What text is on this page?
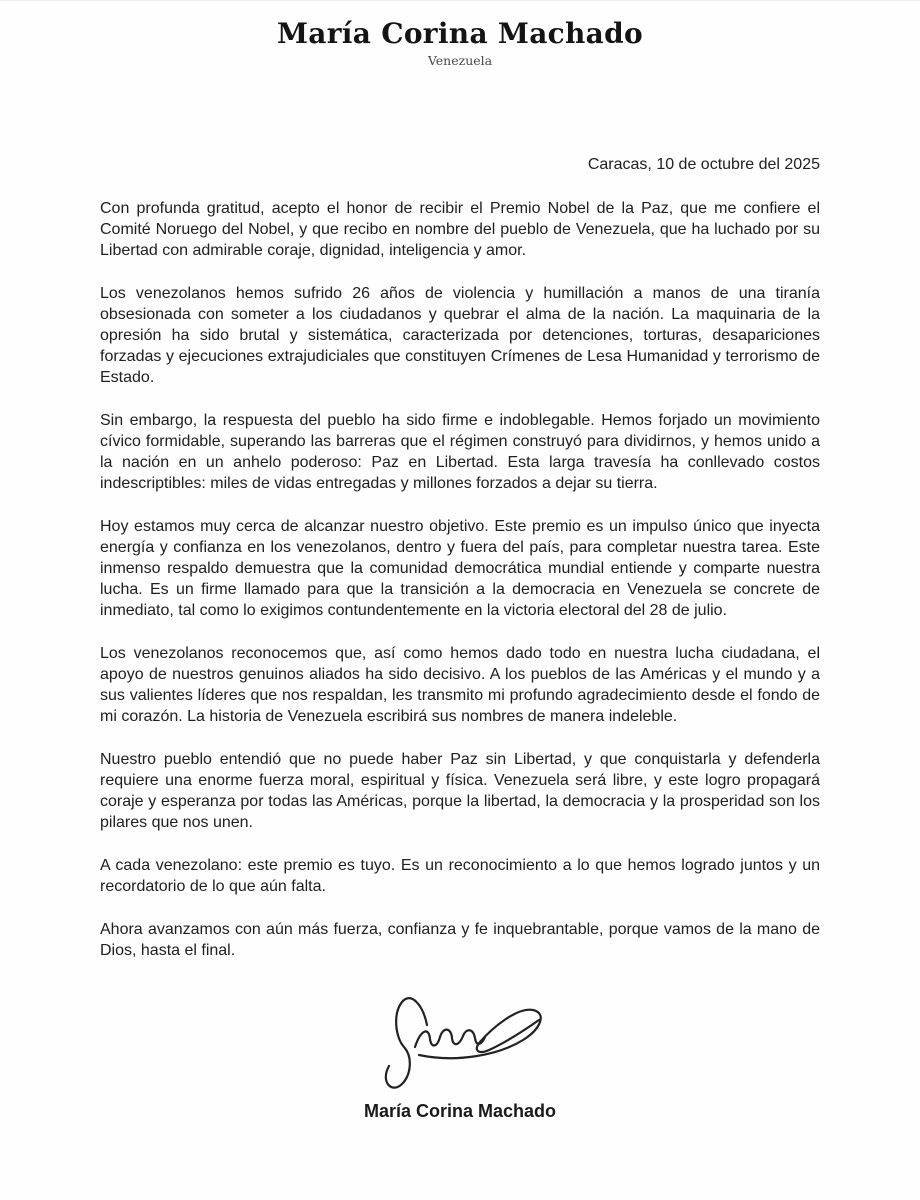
María Corina Machado
Venezuela
Caracas, 10 de octubre del 2025

Con profunda gratitud, acepto el honor de recibir el Premio Nobel de la Paz, que me confiere el Comité Noruego del Nobel, y que recibo en nombre del pueblo de Venezuela, que ha luchado por su Libertad con admirable coraje, dignidad, inteligencia y amor.

Los venezolanos hemos sufrido 26 años de violencia y humillación a manos de una tiranía obsesionada con someter a los ciudadanos y quebrar el alma de la nación. La maquinaria de la opresión ha sido brutal y sistemática, caracterizada por detenciones, torturas, desapariciones forzadas y ejecuciones extrajudiciales que constituyen Crímenes de Lesa Humanidad y terrorismo de Estado.

Sin embargo, la respuesta del pueblo ha sido firme e indoblegable. Hemos forjado un movimiento cívico formidable, superando las barreras que el régimen construyó para dividirnos, y hemos unido a la nación en un anhelo poderoso: Paz en Libertad. Esta larga travesía ha conllevado costos indescriptibles: miles de vidas entregadas y millones forzados a dejar su tierra.

Hoy estamos muy cerca de alcanzar nuestro objetivo. Este premio es un impulso único que inyecta energía y confianza en los venezolanos, dentro y fuera del país, para completar nuestra tarea. Este inmenso respaldo demuestra que la comunidad democrática mundial entiende y comparte nuestra lucha. Es un firme llamado para que la transición a la democracia en Venezuela se concrete de inmediato, tal como lo exigimos contundentemente en la victoria electoral del 28 de julio.

Los venezolanos reconocemos que, así como hemos dado todo en nuestra lucha ciudadana, el apoyo de nuestros genuinos aliados ha sido decisivo. A los pueblos de las Américas y el mundo y a sus valientes líderes que nos respaldan, les transmito mi profundo agradecimiento desde el fondo de mi corazón. La historia de Venezuela escribirá sus nombres de manera indeleble.

Nuestro pueblo entendió que no puede haber Paz sin Libertad, y que conquistarla y defenderla requiere una enorme fuerza moral, espiritual y física. Venezuela será libre, y este logro propagará coraje y esperanza por todas las Américas, porque la libertad, la democracia y la prosperidad son los pilares que nos unen.

A cada venezolano: este premio es tuyo. Es un reconocimiento a lo que hemos logrado juntos y un recordatorio de lo que aún falta.

Ahora avanzamos con aún más fuerza, confianza y fe inquebrantable, porque vamos de la mano de Dios, hasta el final.

María Corina Machado
